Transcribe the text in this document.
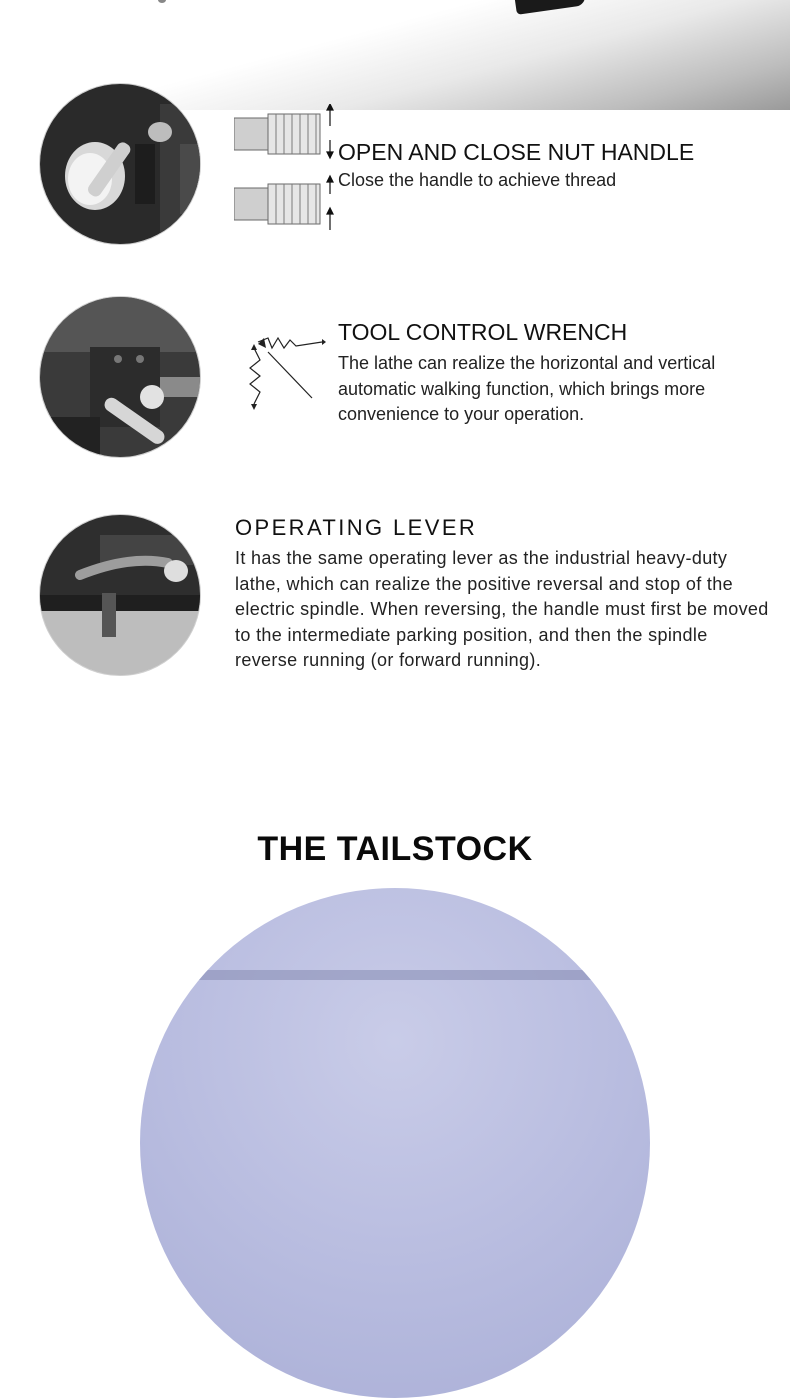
OPEN AND CLOSE NUT HANDLE
Close the handle to achieve thread
TOOL CONTROL WRENCH
The lathe can realize the horizontal and vertical automatic walking function, which brings more convenience to your operation.
OPERATING LEVER
It has the same operating lever as the industrial heavy-duty lathe, which can realize the positive reversal and stop of the electric spindle. When reversing, the handle must first be moved to the intermediate parking position, and then the spindle reverse running (or forward running).
THE TAILSTOCK
